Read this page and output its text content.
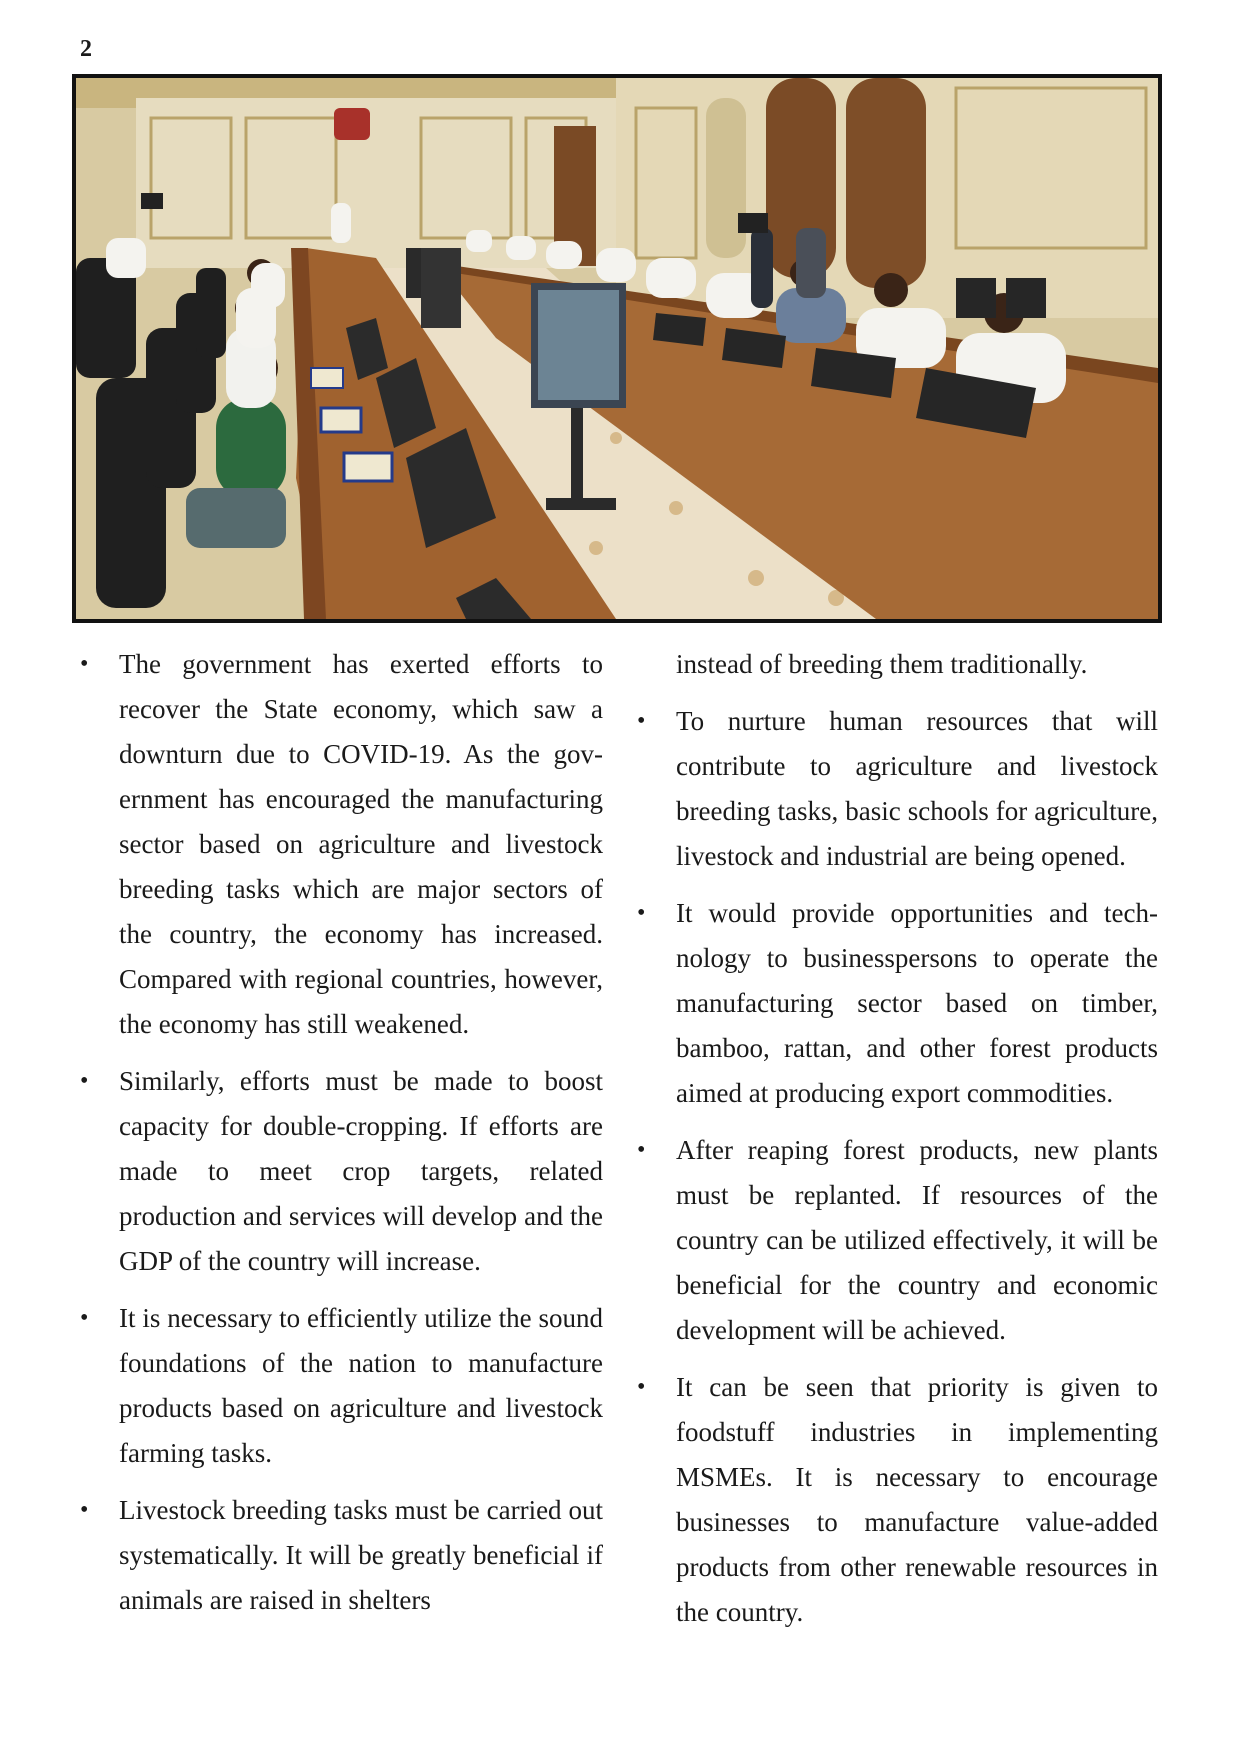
2
• The government has exerted efforts to recover the State economy, which saw a downturn due to COVID-19. As the government has encouraged the manufacturing sector based on agriculture and livestock breeding tasks which are major sectors of the country, the economy has increased. Compared with regional countries, however, the economy has still weakened.
• Similarly, efforts must be made to boost capacity for double-cropping. If efforts are made to meet crop targets, related production and services will develop and the GDP of the country will increase.
• It is necessary to efficiently utilize the sound foundations of the nation to manufacture products based on agriculture and livestock farming tasks.
• Livestock breeding tasks must be carried out systematically. It will be greatly beneficial if animals are raised in shelters
instead of breeding them traditionally.
• To nurture human resources that will contribute to agriculture and livestock breeding tasks, basic schools for agriculture, livestock and industrial are being opened.
• It would provide opportunities and technology to businesspersons to operate the manufacturing sector based on timber, bamboo, rattan, and other forest products aimed at producing export commodities.
• After reaping forest products, new plants must be replanted. If resources of the country can be utilized effectively, it will be beneficial for the country and economic development will be achieved.
• It can be seen that priority is given to foodstuff industries in implementing MSMEs. It is necessary to encourage businesses to manufacture value-added products from other renewable resources in the country.
